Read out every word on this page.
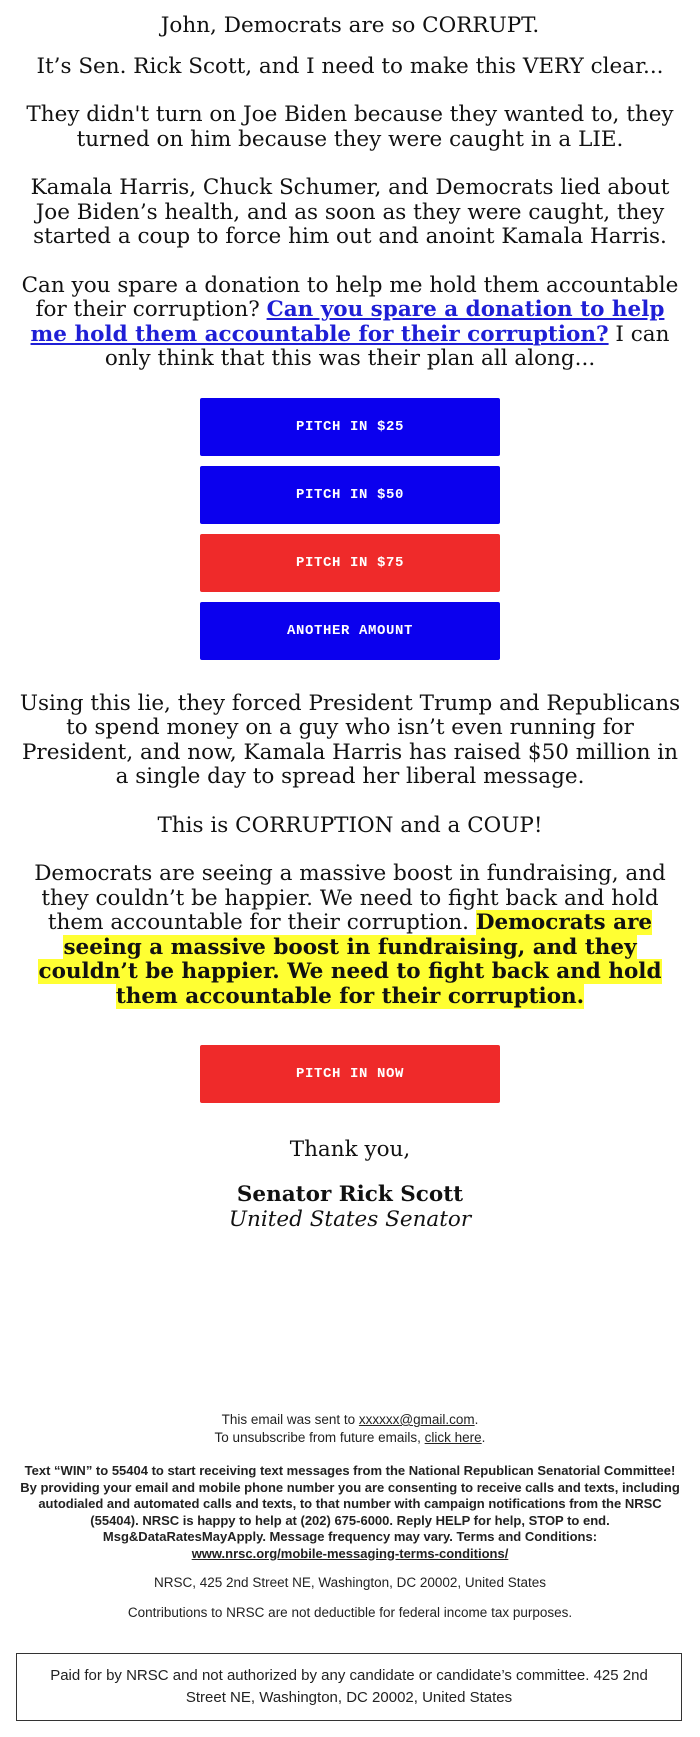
John, Democrats are so CORRUPT.

It’s Sen. Rick Scott, and I need to make this VERY clear...

They didn't turn on Joe Biden because they wanted to, they turned on him because they were caught in a LIE.

Kamala Harris, Chuck Schumer, and Democrats lied about Joe Biden’s health, and as soon as they were caught, they started a coup to force him out and anoint Kamala Harris.

Can you spare a donation to help me hold them accountable for their corruption? Can you spare a donation to help me hold them accountable for their corruption? I can only think that this was their plan all along...

PITCH IN $25
PITCH IN $50
PITCH IN $75
ANOTHER AMOUNT

Using this lie, they forced President Trump and Republicans to spend money on a guy who isn’t even running for President, and now, Kamala Harris has raised $50 million in a single day to spread her liberal message.

This is CORRUPTION and a COUP!

Democrats are seeing a massive boost in fundraising, and they couldn’t be happier. We need to fight back and hold them accountable for their corruption. Democrats are seeing a massive boost in fundraising, and they couldn’t be happier. We need to fight back and hold them accountable for their corruption.

PITCH IN NOW
Thank you,
Senator Rick Scott
United States Senator
This email was sent to xxxxxx@gmail.com.
To unsubscribe from future emails, click here.
Text “WIN” to 55404 to start receiving text messages from the National Republican Senatorial Committee! By providing your email and mobile phone number you are consenting to receive calls and texts, including autodialed and automated calls and texts, to that number with campaign notifications from the NRSC (55404). NRSC is happy to help at (202) 675-6000. Reply HELP for help, STOP to end. Msg&DataRatesMayApply. Message frequency may vary. Terms and Conditions:
www.nrsc.org/mobile-messaging-terms-conditions/
NRSC, 425 2nd Street NE, Washington, DC 20002, United States
Contributions to NRSC are not deductible for federal income tax purposes.
Paid for by NRSC and not authorized by any candidate or candidate’s committee. 425 2nd Street NE, Washington, DC 20002, United States
